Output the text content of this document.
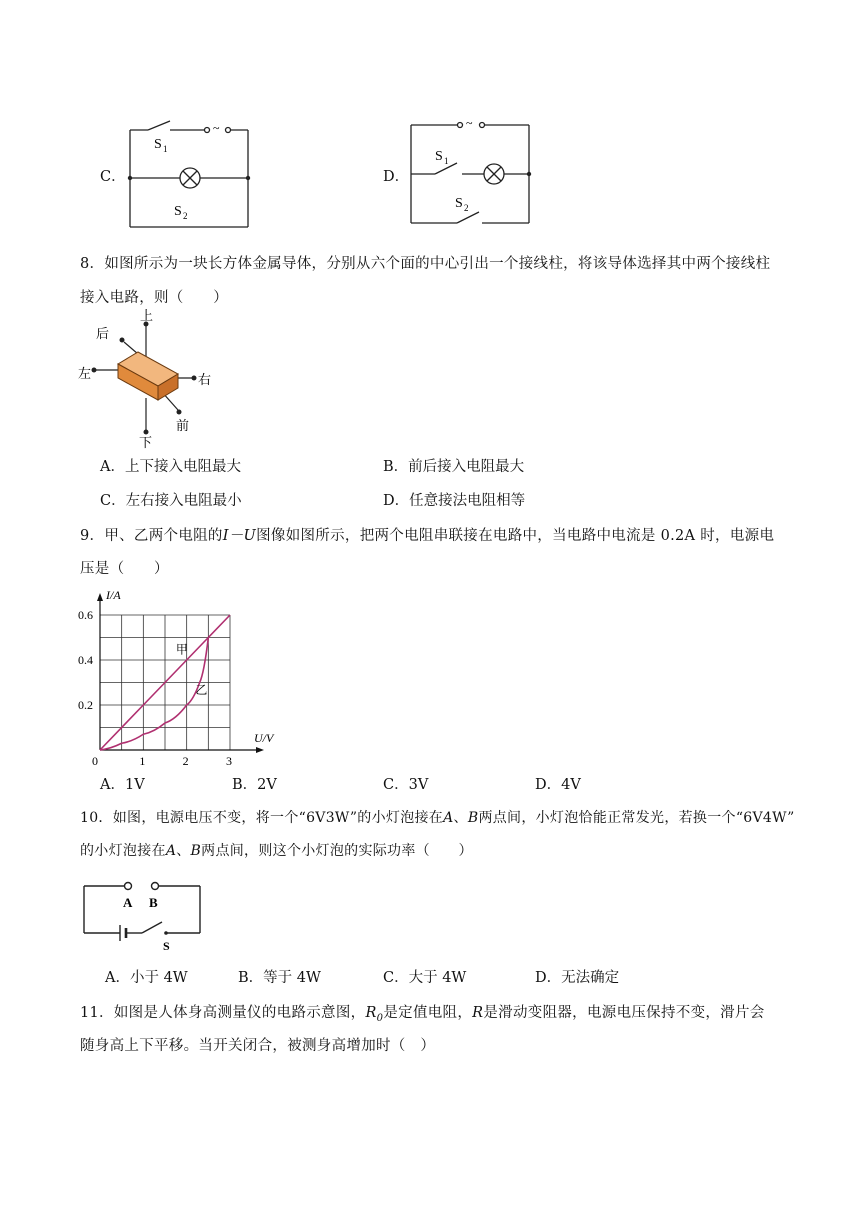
C．
~
S 1
S 2
D．
~
S 1
S 2
8．如图所示为一块长方体金属导体，分别从六个面的中心引出一个接线柱，将该导体选择其中两个接线柱
接入电路，则（　　）
上
后
左	右
前
下
A．上下接入电阻最大	B．前后接入电阻最大
C．左右接入电阻最小	D．任意接法电阻相等
9．甲、乙两个电阻的I－U图像如图所示，把两个电阻串联接在电路中，当电路中电流是 0.2A 时，电源电
压是（　　）
0	1	2	3
0.2
0.4
0.6
I/A
U/V
甲
乙
A．1V	B．2V	C．3V	D．4V
10．如图，电源电压不变，将一个“6V3W”的小灯泡接在A、B两点间，小灯泡恰能正常发光，若换一个“6V4W”
的小灯泡接在A、B两点间，则这个小灯泡的实际功率（　　）
A B
S
A．小于 4W	B．等于 4W	C．大于 4W	D．无法确定
11．如图是人体身高测量仪的电路示意图，$R_0$是定值电阻，R是滑动变阻器，电源电压保持不变，滑片会
随身高上下平移。当开关闭合，被测身高增加时（　）
